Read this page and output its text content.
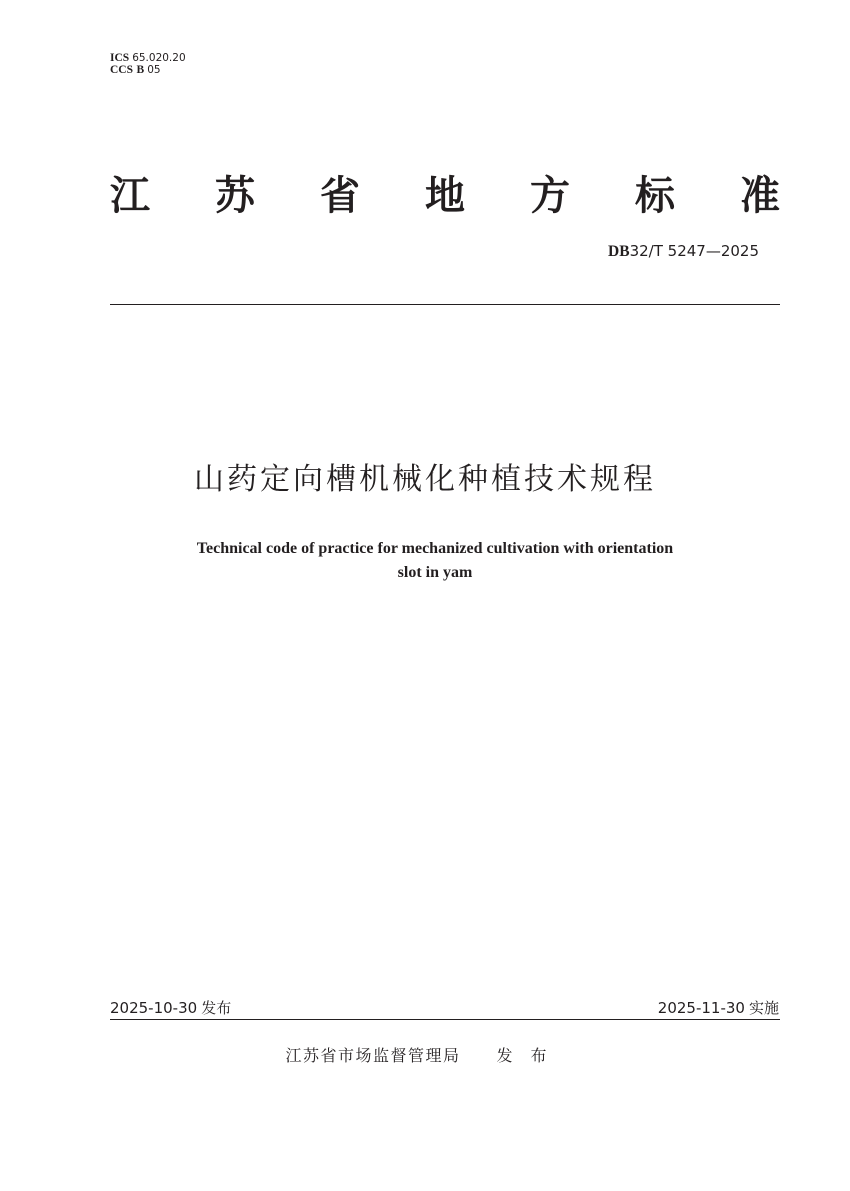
ICS 65.020.20
CCS B 05
江 苏 省 地 方 标 准
DB32/T 5247—2025
山药定向槽机械化种植技术规程
Technical code of practice for mechanized cultivation with orientation
slot in yam
2025-10-30 发布	2025-11-30 实施
江苏省市场监督管理局 发布
